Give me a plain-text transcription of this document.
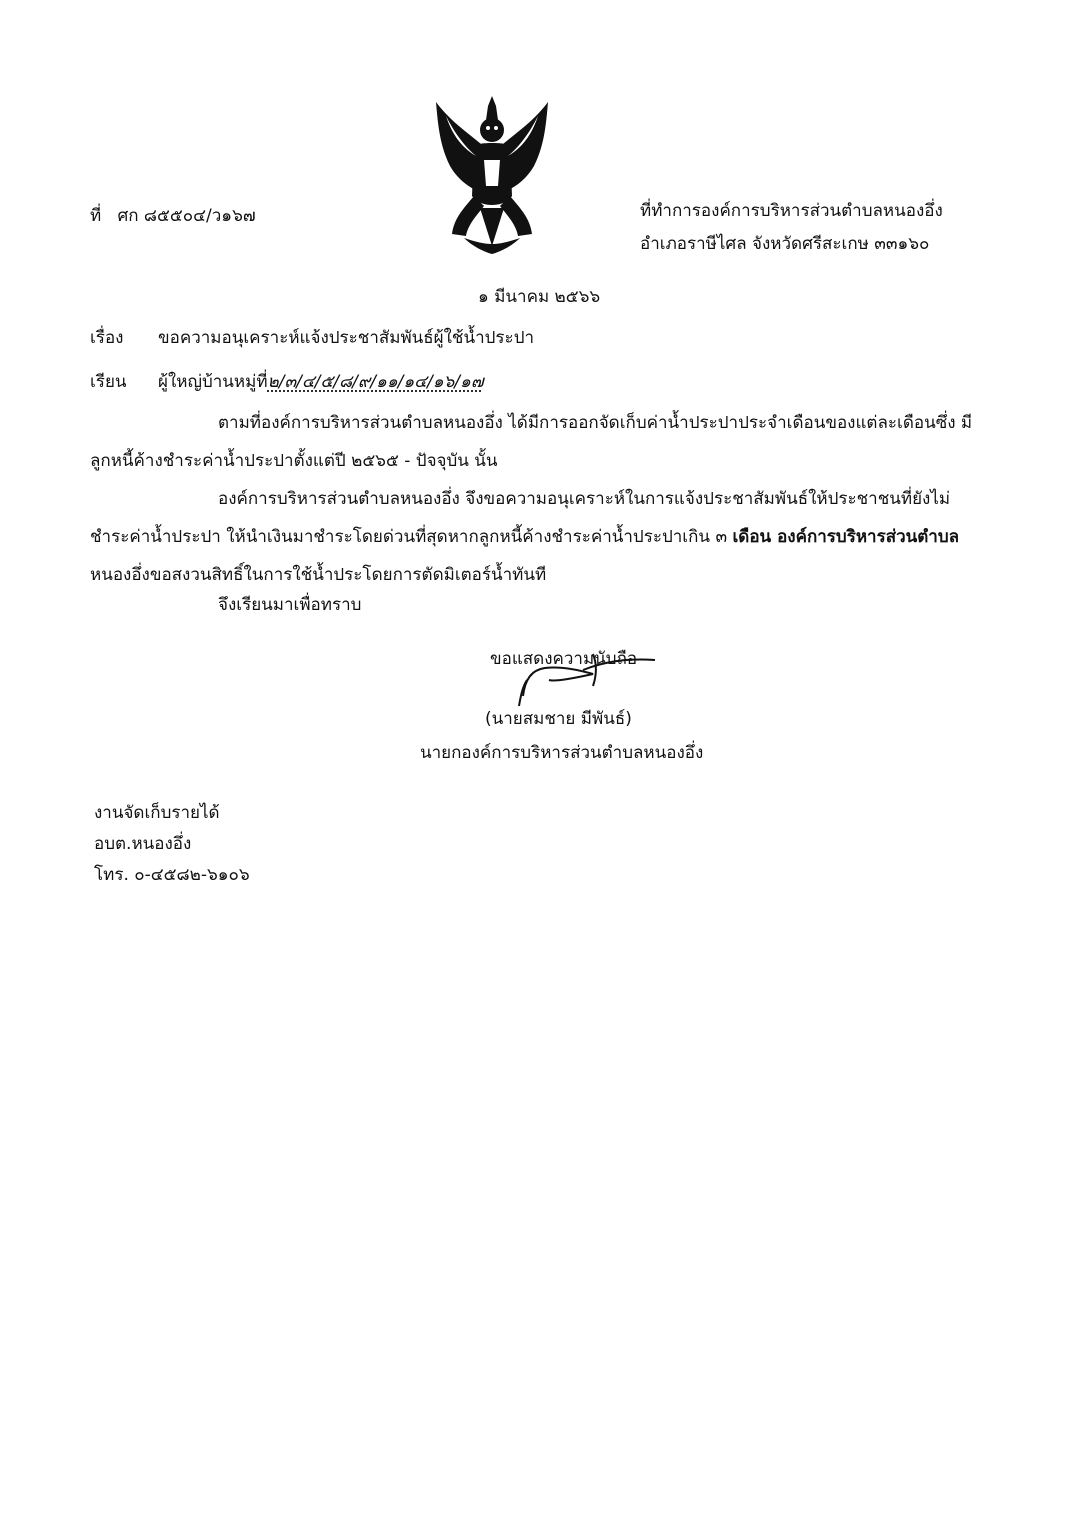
ที่ ศก ๘๕๕๐๔/ว๑๖๗	ที่ทำการองค์การบริหารส่วนตำบลหนองอึ่ง
อำเภอราษีไศล จังหวัดศรีสะเกษ ๓๓๑๖๐
๑ มีนาคม ๒๕๖๖
เรื่อง ขอความอนุเคราะห์แจ้งประชาสัมพันธ์ผู้ใช้น้ำประปา
เรียน ผู้ใหญ่บ้านหมู่ที่๒/๓/๔/๕/๘/๙/๑๑/๑๔/๑๖/๑๗
ตามที่องค์การบริหารส่วนตำบลหนองอึ่ง ได้มีการออกจัดเก็บค่าน้ำประปาประจำเดือนของแต่ละเดือนซึ่ง มีลูกหนี้ค้างชำระค่าน้ำประปาตั้งแต่ปี ๒๕๖๕ - ปัจจุบัน นั้น
องค์การบริหารส่วนตำบลหนองอึ่ง จึงขอความอนุเคราะห์ในการแจ้งประชาสัมพันธ์ให้ประชาชนที่ยังไม่ ชำระค่าน้ำประปา ให้นำเงินมาชำระโดยด่วนที่สุดหากลูกหนี้ค้างชำระค่าน้ำประปาเกิน ๓ เดือน องค์การบริหารส่วนตำบล หนองอึ่งขอสงวนสิทธิ์ในการใช้น้ำประโดยการตัดมิเตอร์น้ำทันที
จึงเรียนมาเพื่อทราบ
ขอแสดงความนับถือ
(นายสมชาย มีพันธ์)
นายกองค์การบริหารส่วนตำบลหนองอึ่ง
งานจัดเก็บรายได้
อบต.หนองอึ่ง
โทร. ๐-๔๕๘๒-๖๑๐๖
